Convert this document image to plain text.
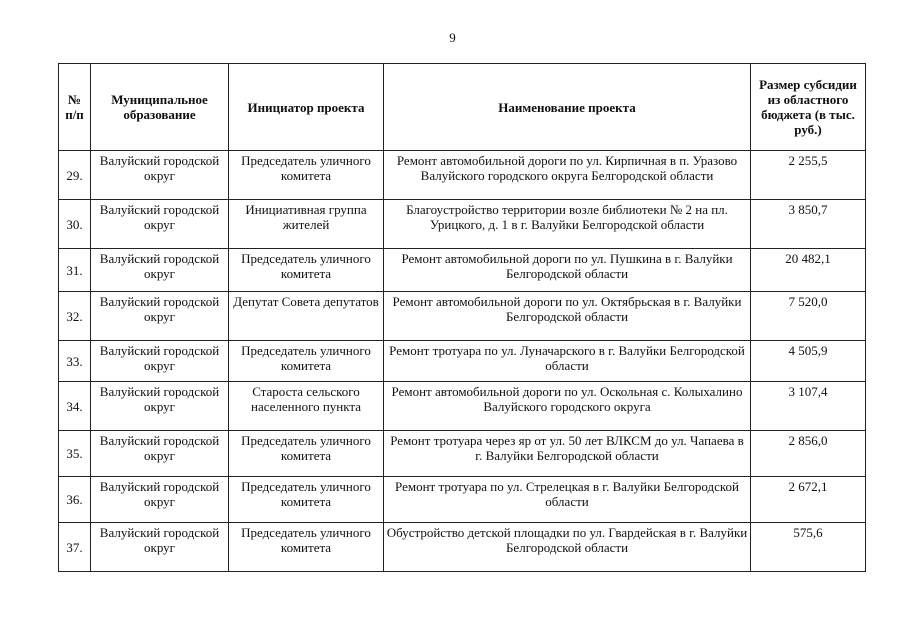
9
№ п/п	Муниципальное образование	Инициатор проекта	Наименование проекта	Размер субсидии из областного бюджета (в тыс. руб.)
29.	Валуйский городской округ	Председатель уличного комитета	Ремонт автомобильной дороги по ул. Кирпичная в п. Уразово Валуйского городского округа Белгородской области	2 255,5
30.	Валуйский городской округ	Инициативная группа жителей	Благоустройство территории возле библиотеки № 2 на пл. Урицкого, д. 1 в г. Валуйки Белгородской области	3 850,7
31.	Валуйский городской округ	Председатель уличного комитета	Ремонт автомобильной дороги по ул. Пушкина в г. Валуйки Белгородской области	20 482,1
32.	Валуйский городской округ	Депутат Совета депутатов	Ремонт автомобильной дороги по ул. Октябрьская в г. Валуйки Белгородской области	7 520,0
33.	Валуйский городской округ	Председатель уличного комитета	Ремонт тротуара по ул. Луначарского в г. Валуйки Белгородской области	4 505,9
34.	Валуйский городской округ	Староста сельского населенного пункта	Ремонт автомобильной дороги по ул. Оскольная с. Колыхалино Валуйского городского округа	3 107,4
35.	Валуйский городской округ	Председатель уличного комитета	Ремонт тротуара через яр от ул. 50 лет ВЛКСМ до ул. Чапаева в г. Валуйки Белгородской области	2 856,0
36.	Валуйский городской округ	Председатель уличного комитета	Ремонт тротуара по ул. Стрелецкая в г. Валуйки Белгородской области	2 672,1
37.	Валуйский городской округ	Председатель уличного комитета	Обустройство детской площадки по ул. Гвардейская в г. Валуйки Белгородской области	575,6
